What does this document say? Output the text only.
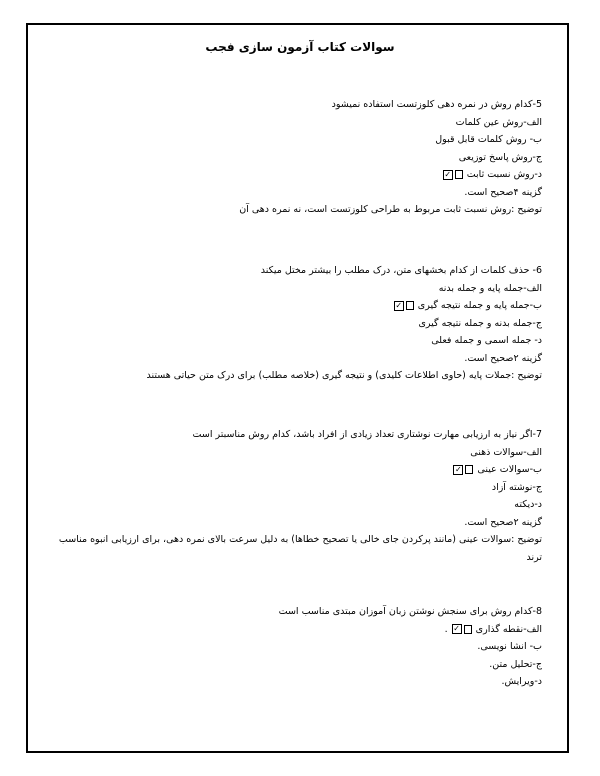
سوالات کتاب آزمون سازی فجب
5-کدام روش در نمره دهی کلوزتست استفاده نمیشود
الف-روش عین کلمات
ب- روش کلمات قابل قبول
ج-روش پاسخ توزیعی
د-روش نسبت ثابت ✓
گزینه ۴صحیح است.
توضیح :روش نسبت ثابت مربوط به طراحی کلوزتست است، نه نمره دهی آن
6- حذف کلمات از کدام بخشهای متن، درک مطلب را بیشتر مختل میکند
الف-جمله پایه و جمله بدنه
ب-جمله پایه و جمله نتیجه گیری ✓
ج-جمله بدنه و جمله نتیجه گیری
د- جمله اسمی و جمله فعلی
گزینه ۲صحیح است.
توضیح :جملات پایه (حاوی اطلاعات کلیدی) و نتیجه گیری (خلاصه مطلب) برای درک متن حیاتی هستند
7-اگر نیاز به ارزیابی مهارت نوشتاری تعداد زیادی از افراد باشد، کدام روش مناسبتر است
الف-سوالات ذهنی
ب-سوالات عینی ✓
ج-نوشته آزاد
د-دیکته
گزینه ۲صحیح است.
توضیح :سوالات عینی (مانند پرکردن جای خالی یا تصحیح خطاها) به دلیل سرعت بالای نمره دهی، برای ارزیابی انبوه مناسب ترند
8-کدام روش برای سنجش نوشتن زبان آموزان مبتدی مناسب است
الف-نقطه گذاری ✓ .
ب- انشا نویسی.
ج-تحلیل متن.
د-ویرایش.
